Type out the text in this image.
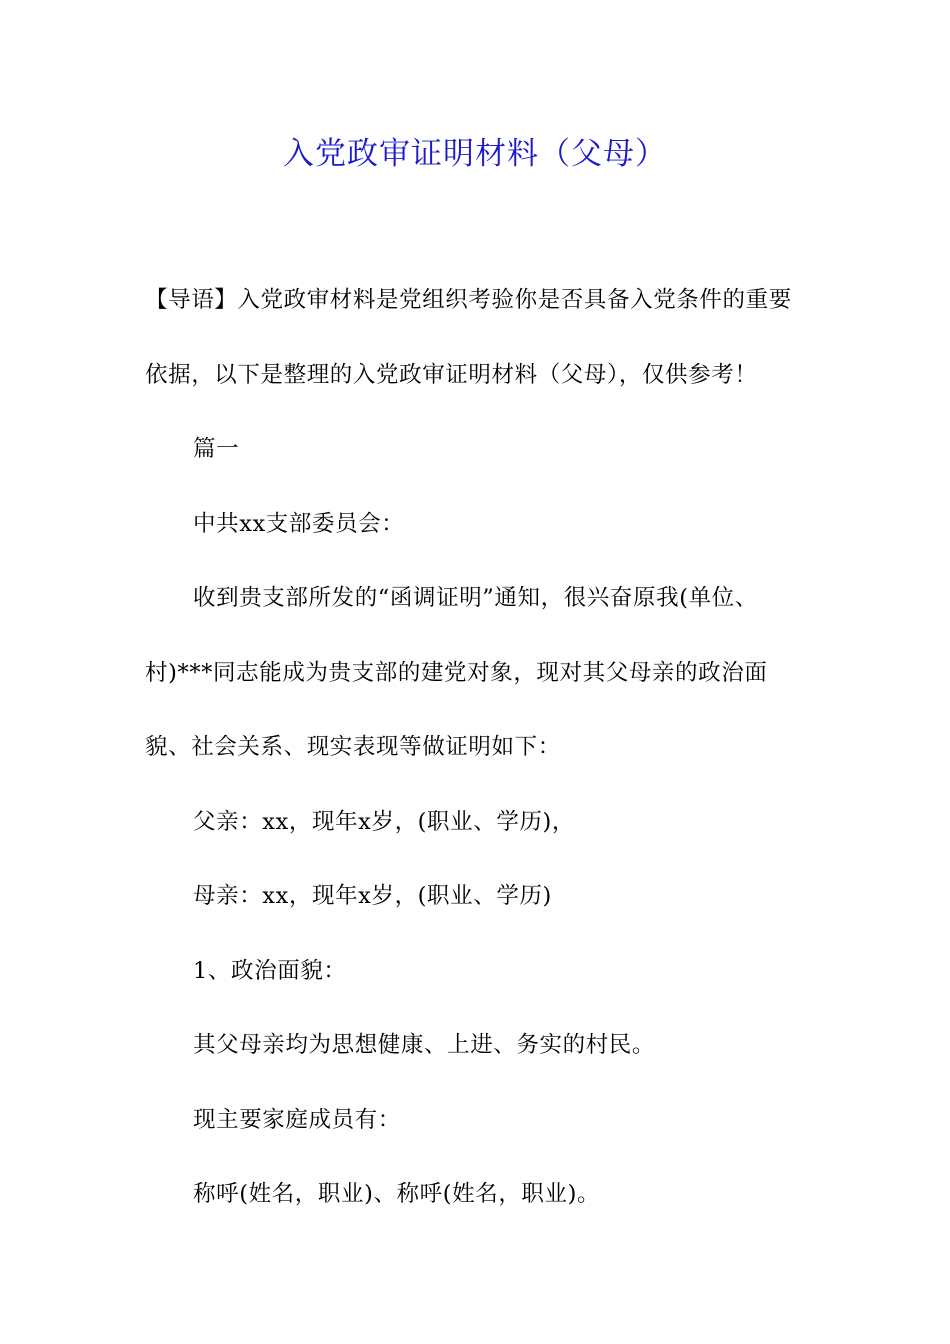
入党政审证明材料（父母）

【导语】入党政审材料是党组织考验你是否具备入党条件的重要依据，以下是整理的入党政审证明材料（父母），仅供参考！

篇一

中共xx支部委员会：

收到贵支部所发的“函调证明”通知，很兴奋原我(单位、村)***同志能成为贵支部的建党对象，现对其父母亲的政治面貌、社会关系、现实表现等做证明如下：

父亲：xx，现年x岁，(职业、学历)，

母亲：xx，现年x岁，(职业、学历)

1、政治面貌：

其父母亲均为思想健康、上进、务实的村民。

现主要家庭成员有：

称呼(姓名，职业)、称呼(姓名，职业)。
